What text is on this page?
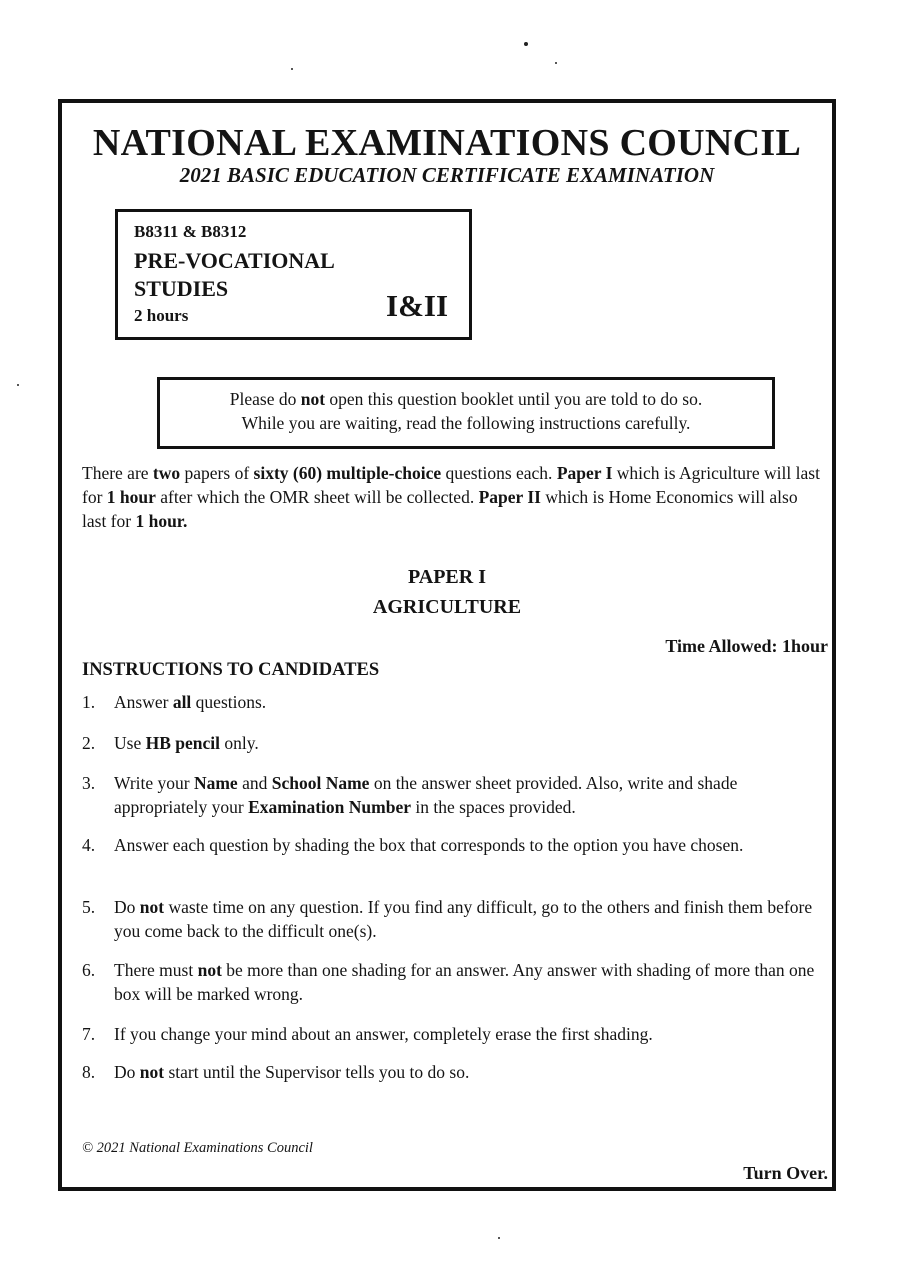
NATIONAL EXAMINATIONS COUNCIL
2021 BASIC EDUCATION CERTIFICATE EXAMINATION
B8311 & B8312
PRE-VOCATIONAL
STUDIES
2 hours	I&II
Please do not open this question booklet until you are told to do so.
While you are waiting, read the following instructions carefully.
There are two papers of sixty (60) multiple-choice questions each. Paper I which is Agriculture will last for 1 hour after which the OMR sheet will be collected. Paper II which is Home Economics will also last for 1 hour.
PAPER I
AGRICULTURE
Time Allowed: 1hour
INSTRUCTIONS TO CANDIDATES
1. Answer all questions.
2. Use HB pencil only.
3. Write your Name and School Name on the answer sheet provided. Also, write and shade appropriately your Examination Number in the spaces provided.
4. Answer each question by shading the box that corresponds to the option you have chosen.
5. Do not waste time on any question. If you find any difficult, go to the others and finish them before you come back to the difficult one(s).
6. There must not be more than one shading for an answer. Any answer with shading of more than one box will be marked wrong.
7. If you change your mind about an answer, completely erase the first shading.
8. Do not start until the Supervisor tells you to do so.
© 2021 National Examinations Council
Turn Over.
